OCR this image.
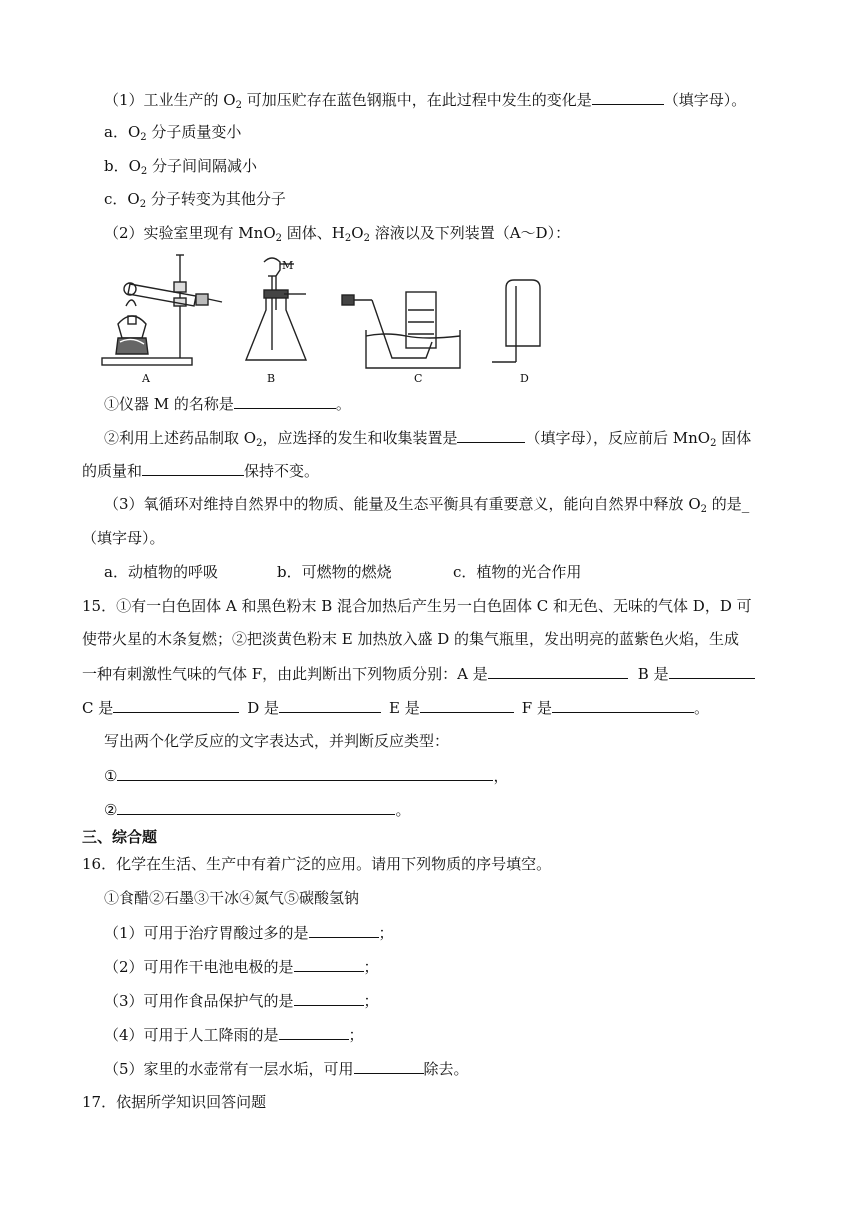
（1）工业生产的 $O_2$ 可加压贮存在蓝色钢瓶中，在此过程中发生的变化是	（填字母）。
a．$O_2$ 分子质量变小
b．$O_2$ 分子间间隔减小
c．$O_2$ 分子转变为其他分子
（2）实验室里现有 MnO$_2$ 固体、$H_2O_2$ 溶液以及下列装置（A～D）：
M
A	B	C	D
①仪器 M 的名称是	。
②利用上述药品制取 $O_2$，应选择的发生和收集装置是	（填字母），反应前后 MnO$_2$ 固体
的质量和	保持不变。
（3）氧循环对维持自然界中的物质、能量及生态平衡具有重要意义，能向自然界中释放 $O_2$ 的是_
（填字母）。
a．动植物的呼吸	b．可燃物的燃烧	c．植物的光合作用
15．①有一白色固体 A 和黑色粉末 B 混合加热后产生另一白色固体 C 和无色、无味的气体 D，D 可
使带火星的木条复燃；②把淡黄色粉末 E 加热放入盛 D 的集气瓶里，发出明亮的蓝紫色火焰，生成
一种有刺激性气味的气体 F，由此判断出下列物质分别：A 是	B 是
C 是	D 是	E 是	F 是	。
写出两个化学反应的文字表达式，并判断反应类型：
①	，
②	。
三、综合题
16．化学在生活、生产中有着广泛的应用。请用下列物质的序号填空。
①食醋②石墨③干冰④氮气⑤碳酸氢钠
（1）可用于治疗胃酸过多的是	；
（2）可用作干电池电极的是	；
（3）可用作食品保护气的是	；
（4）可用于人工降雨的是	；
（5）家里的水壶常有一层水垢，可用	除去。
17．依据所学知识回答问题
